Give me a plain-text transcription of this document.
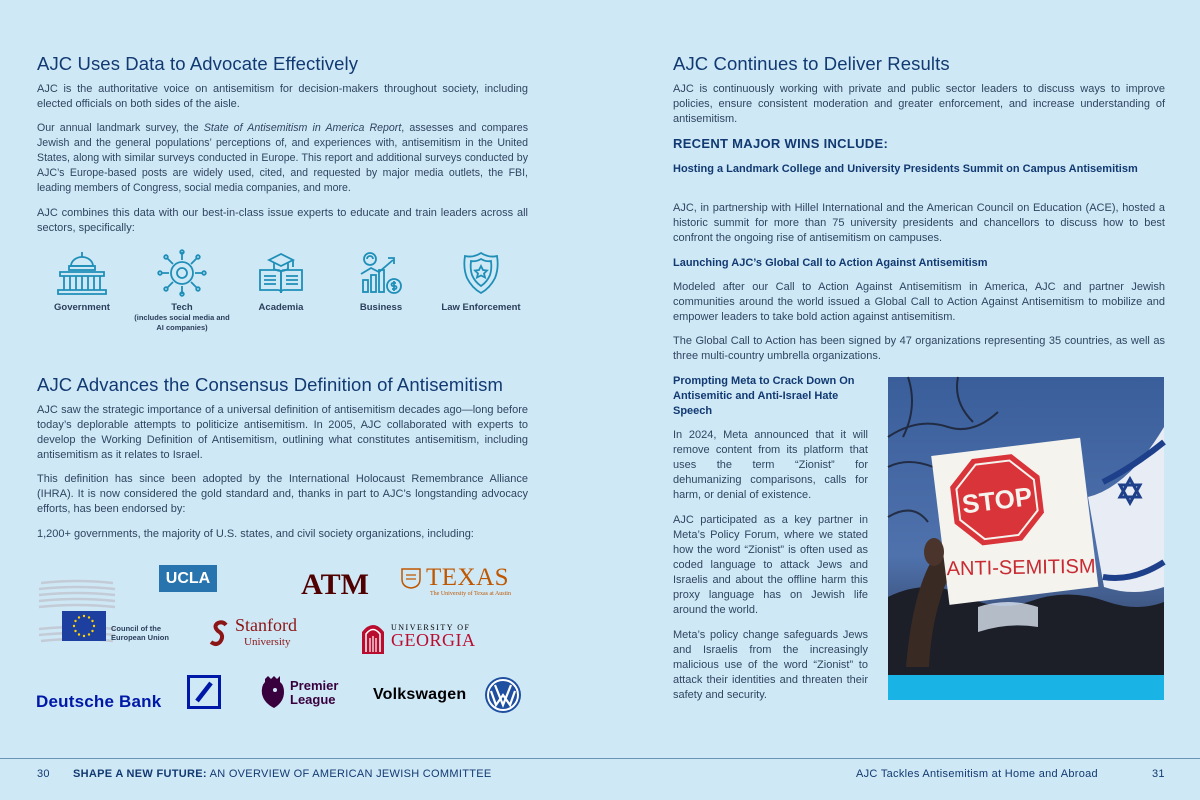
AJC Uses Data to Advocate Effectively

AJC is the authoritative voice on antisemitism for decision-makers throughout society, including elected officials on both sides of the aisle.

Our annual landmark survey, the State of Antisemitism in America Report, assesses and compares Jewish and the general populations’ perceptions of, and experiences with, antisemitism in the United States, along with similar surveys conducted in Europe. This report and additional surveys conducted by AJC’s Europe-based posts are widely used, cited, and requested by major media outlets, the FBI, leading members of Congress, social media companies, and more.

AJC combines this data with our best-in-class issue experts to educate and train leaders across all sectors, specifically:

Government	Tech
(includes social media and AI companies)
Academia	Business	Law Enforcement
AJC Advances the Consensus Definition of Antisemitism

AJC saw the strategic importance of a universal definition of antisemitism decades ago—long before today’s deplorable attempts to politicize antisemitism. In 2005, AJC collaborated with experts to develop the Working Definition of Antisemitism, outlining what constitutes antisemitism, including antisemitism as it relates to Israel.

This definition has since been adopted by the International Holocaust Remembrance Alliance (IHRA). It is now considered the gold standard and, thanks in part to AJC’s longstanding advocacy efforts, has been endorsed by:

1,200+ governments, the majority of U.S. states, and civil society organizations, including:

UCLA	ATM TEXAS
The University of Texas at Austin
Council of the
European Union
Stanford
University
UNIVERSITY OF
GEORGIA
Deutsche Bank
Premier
League Volkswagen
AJC Continues to Deliver Results

AJC is continuously working with private and public sector leaders to discuss ways to improve policies, ensure consistent moderation and greater enforcement, and increase understanding of antisemitism.

RECENT MAJOR WINS INCLUDE:
Hosting a Landmark College and University Presidents Summit on Campus Antisemitism

AJC, in partnership with Hillel International and the American Council on Education (ACE), hosted a historic summit for more than 75 university presidents and chancellors to discuss how to best confront the ongoing rise of antisemitism on campuses.

Launching AJC’s Global Call to Action Against Antisemitism

Modeled after our Call to Action Against Antisemitism in America, AJC and partner Jewish communities around the world issued a Global Call to Action Against Antisemitism to mobilize and empower leaders to take bold action against antisemitism.

The Global Call to Action has been signed by 47 organizations representing 35 countries, as well as three multi-country umbrella organizations.

Prompting Meta to Crack Down On Antisemitic and Anti-Israel Hate Speech

In 2024, Meta announced that it will remove content from its platform that uses the term “Zionist” for dehumanizing comparisons, calls for harm, or denial of existence.

AJC participated as a key partner in Meta’s Policy Forum, where we stated how the word “Zionist” is often used as coded language to attack Jews and Israelis and about the offline harm this proxy language has on Jewish life around the world.

Meta’s policy change safeguards Jews and Israelis from the increasingly malicious use of the word “Zionist” to attack their identities and threaten their safety and security.

STOP
ANTI-SEMITISM
30 SHAPE A NEW FUTURE: AN OVERVIEW OF AMERICAN JEWISH COMMITTEE	AJC Tackles Antisemitism at Home and Abroad	31
